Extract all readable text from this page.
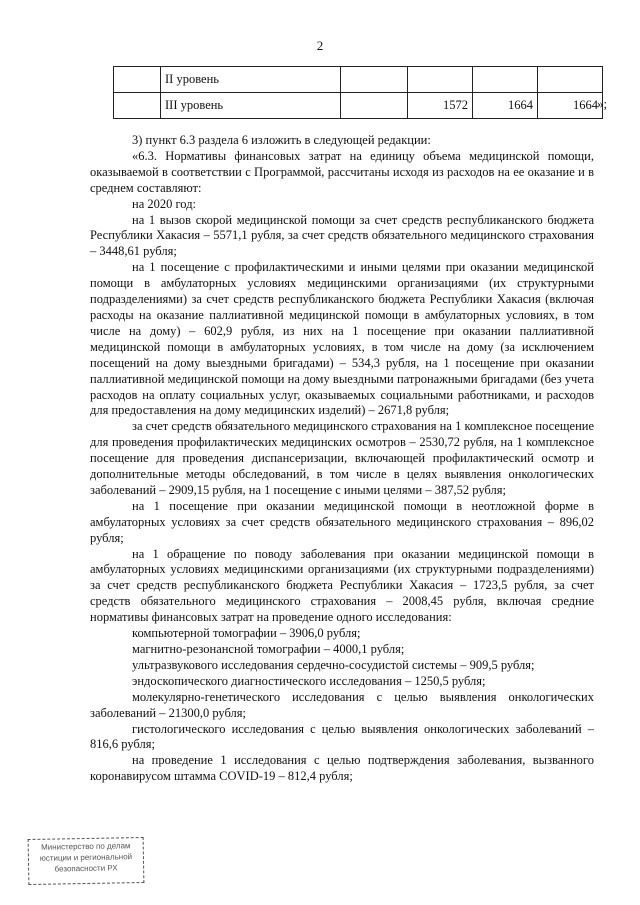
2
	II уровень				
	III уровень		1572	1664	1664 »;

3) пункт 6.3 раздела 6 изложить в следующей редакции:

«6.3. Нормативы финансовых затрат на единицу объема медицинской помощи, оказываемой в соответствии с Программой, рассчитаны исходя из расходов на ее оказание и в среднем составляют:

на 2020 год:

на 1 вызов скорой медицинской помощи за счет средств республиканского бюджета Республики Хакасия – 5571,1 рубля, за счет средств обязательного медицинского страхования – 3448,61 рубля;

на 1 посещение с профилактическими и иными целями при оказании медицинской помощи в амбулаторных условиях медицинскими организациями (их структурными подразделениями) за счет средств республиканского бюджета Республики Хакасия (включая расходы на оказание паллиативной медицинской помощи в амбулаторных условиях, в том числе на дому) – 602,9 рубля, из них на 1 посещение при оказании паллиативной медицинской помощи в амбулаторных условиях, в том числе на дому (за исключением посещений на дому выездными бригадами) – 534,3 рубля, на 1 посещение при оказании паллиативной медицинской помощи на дому выездными патронажными бригадами (без учета расходов на оплату социальных услуг, оказываемых социальными работниками, и расходов для предоставления на дому медицинских изделий) – 2671,8 рубля;

за счет средств обязательного медицинского страхования на 1 комплексное посещение для проведения профилактических медицинских осмотров – 2530,72 рубля, на 1 комплексное посещение для проведения диспансеризации, включающей профилактический осмотр и дополнительные методы обследований, в том числе в целях выявления онкологических заболеваний – 2909,15 рубля, на 1 посещение с иными целями – 387,52 рубля;

на 1 посещение при оказании медицинской помощи в неотложной форме в амбулаторных условиях за счет средств обязательного медицинского страхования – 896,02 рубля;

на 1 обращение по поводу заболевания при оказании медицинской помощи в амбулаторных условиях медицинскими организациями (их структурными подразделениями) за счет средств республиканского бюджета Республики Хакасия – 1723,5 рубля, за счет средств обязательного медицинского страхования – 2008,45 рубля, включая средние нормативы финансовых затрат на проведение одного исследования:

компьютерной томографии – 3906,0 рубля;

магнитно-резонансной томографии – 4000,1 рубля;

ультразвукового исследования сердечно-сосудистой системы – 909,5 рубля;

эндоскопического диагностического исследования – 1250,5 рубля;

молекулярно-генетического исследования с целью выявления онкологических заболеваний – 21300,0 рубля;

гистологического исследования с целью выявления онкологических заболеваний – 816,6 рубля;

на проведение 1 исследования с целью подтверждения заболевания, вызванного коронавирусом штамма COVID-19 – 812,4 рубля;

Министерство по делам
юстиции и региональной
безопасности РХ
